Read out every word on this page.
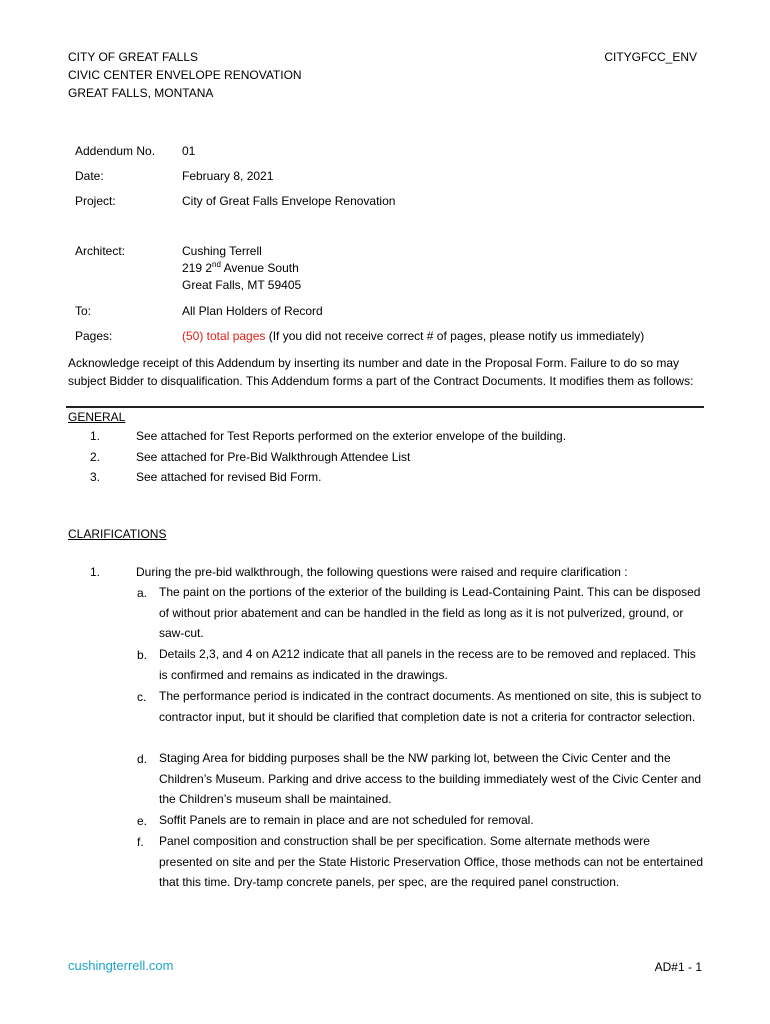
CITY OF GREAT FALLS
CIVIC CENTER ENVELOPE RENOVATION
GREAT FALLS, MONTANA
CITYGFCC_ENV
Addendum No. 01
Date:	February 8, 2021
Project:	City of Great Falls Envelope Renovation
Architect:	Cushing Terrell
219 2nd Avenue South
Great Falls, MT 59405
To:	All Plan Holders of Record
Pages:	(50) total pages (If you did not receive correct # of pages, please notify us immediately)
Acknowledge receipt of this Addendum by inserting its number and date in the Proposal Form. Failure to do so may subject Bidder to disqualification. This Addendum forms a part of the Contract Documents. It modifies them as follows:
GENERAL
1.	See attached for Test Reports performed on the exterior envelope of the building.
2.	See attached for Pre-Bid Walkthrough Attendee List
3.	See attached for revised Bid Form.
CLARIFICATIONS
1.	During the pre-bid walkthrough, the following questions were raised and require clarification :
a. The paint on the portions of the exterior of the building is Lead-Containing Paint. This can be disposed of without prior abatement and can be handled in the field as long as it is not pulverized, ground, or saw-cut.
b. Details 2,3, and 4 on A212 indicate that all panels in the recess are to be removed and replaced. This is confirmed and remains as indicated in the drawings.
c. The performance period is indicated in the contract documents. As mentioned on site, this is subject to contractor input, but it should be clarified that completion date is not a criteria for contractor selection.
d. Staging Area for bidding purposes shall be the NW parking lot, between the Civic Center and the Children’s Museum. Parking and drive access to the building immediately west of the Civic Center and the Children’s museum shall be maintained.
e. Soffit Panels are to remain in place and are not scheduled for removal.
f. Panel composition and construction shall be per specification. Some alternate methods were presented on site and per the State Historic Preservation Office, those methods can not be entertained that this time. Dry-tamp concrete panels, per spec, are the required panel construction.
cushingterrell.com	AD#1 - 1
